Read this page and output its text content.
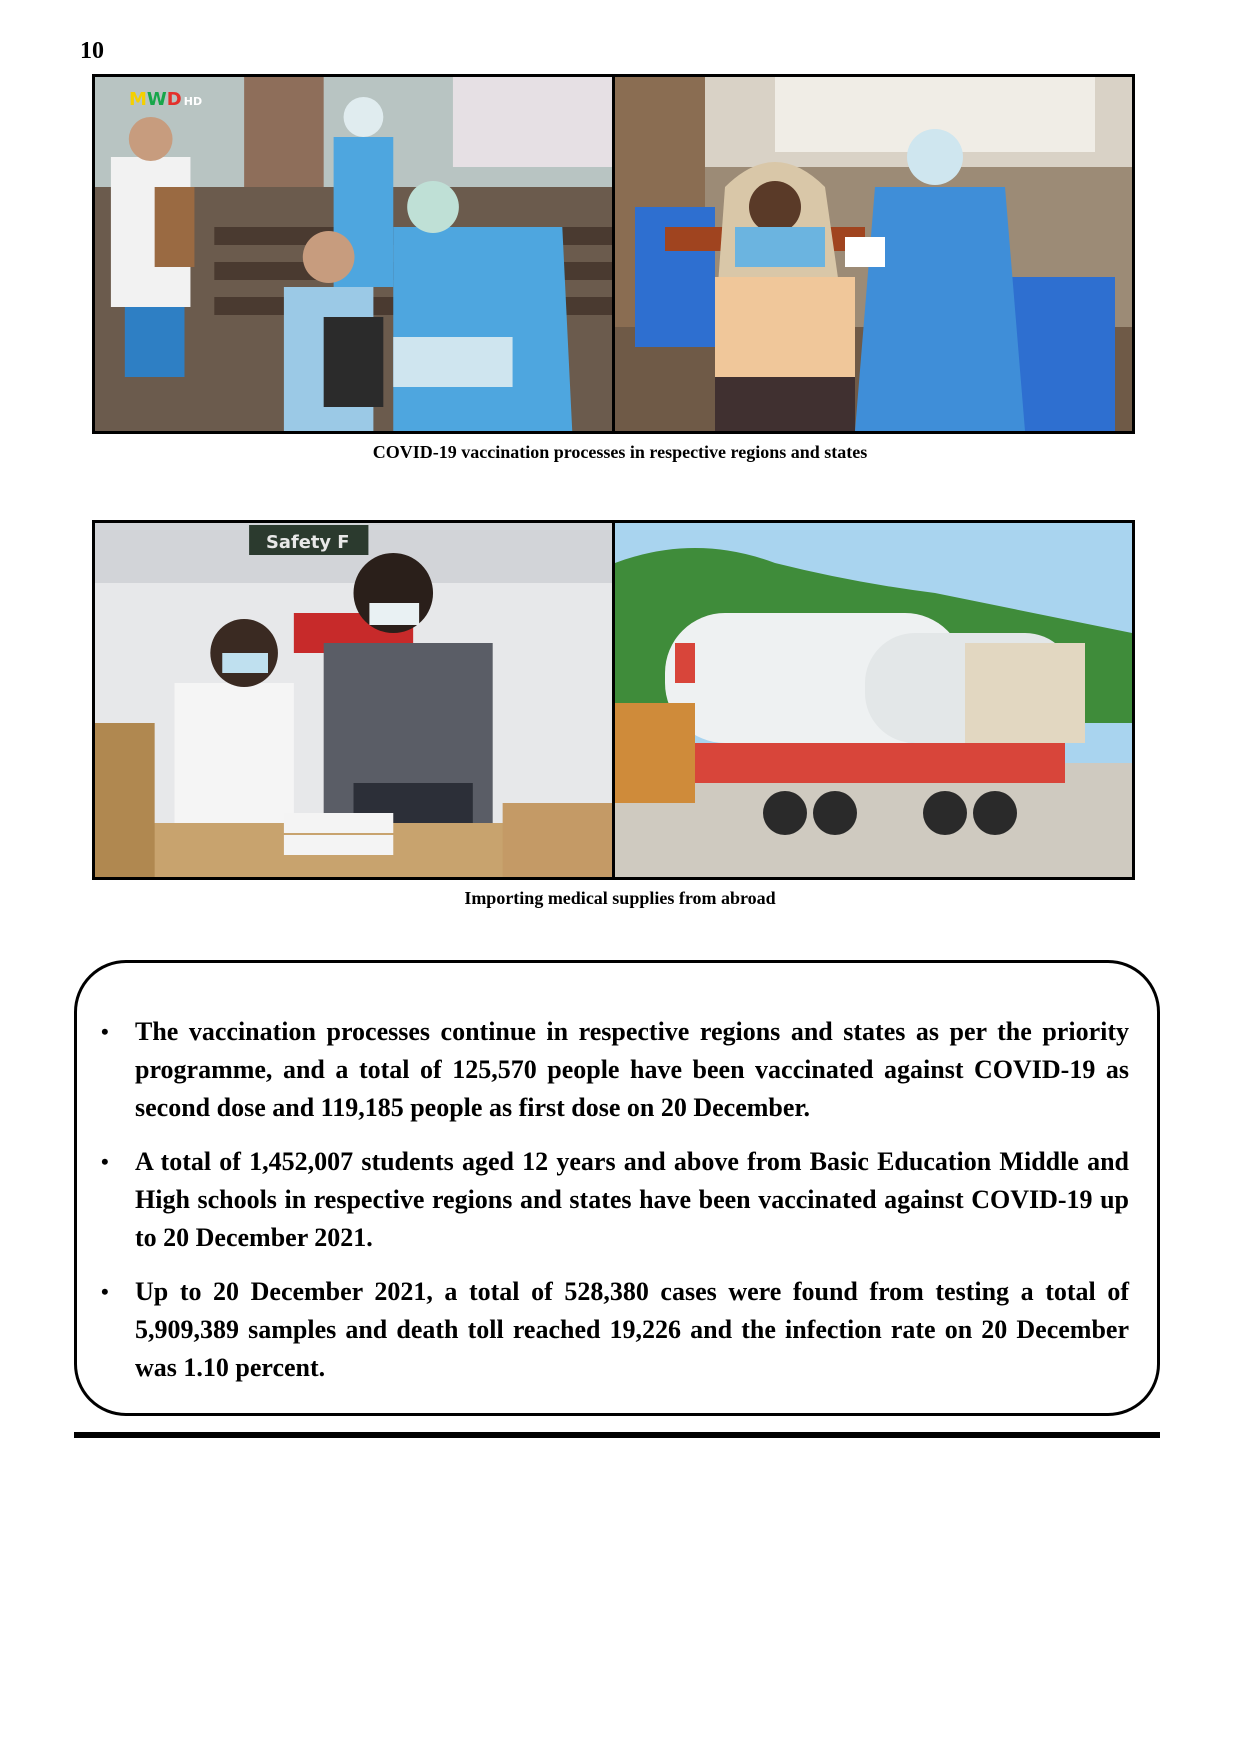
10
MWD HD
COVID-19 vaccination processes in respective regions and states
Safety F
Importing medical supplies from abroad
• The vaccination processes continue in respective regions and states as per the priority programme, and a total of 125,570 people have been vaccinated against COVID-19 as second dose and 119,185 people as first dose on 20 December.
• A total of 1,452,007 students aged 12 years and above from Basic Education Middle and High schools in respective regions and states have been vaccinated against COVID-19 up to 20 December 2021.
• Up to 20 December 2021, a total of 528,380 cases were found from testing a total of 5,909,389 samples and death toll reached 19,226 and the infection rate on 20 December was 1.10 percent.
